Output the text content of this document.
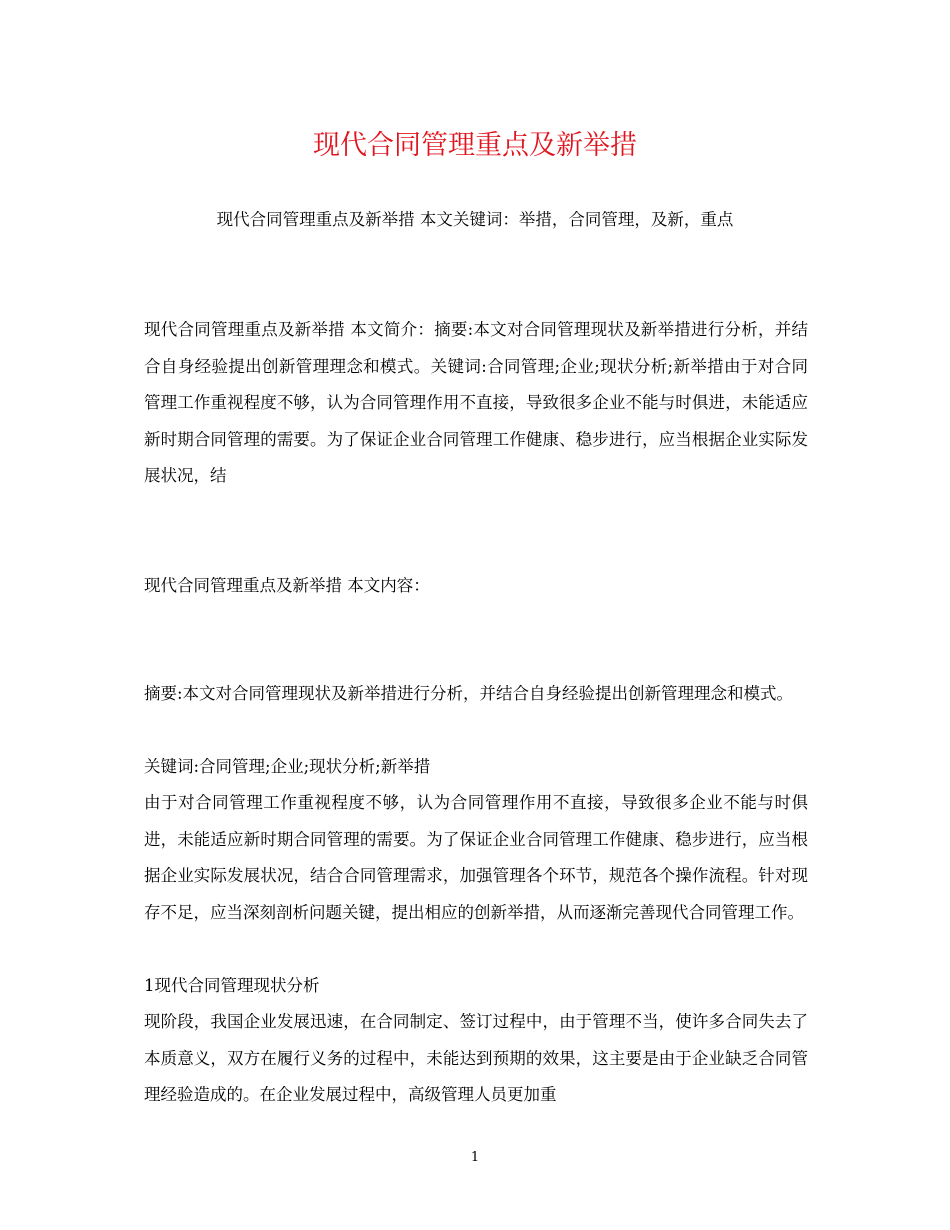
现代合同管理重点及新举措
现代合同管理重点及新举措 本文关键词：举措，合同管理，及新，重点

现代合同管理重点及新举措 本文简介：摘要:本文对合同管理现状及新举措进行分析，并结合自身经验提出创新管理理念和模式。关键词:合同管理;企业;现状分析;新举措由于对合同管理工作重视程度不够，认为合同管理作用不直接，导致很多企业不能与时俱进，未能适应新时期合同管理的需要。为了保证企业合同管理工作健康、稳步进行，应当根据企业实际发展状况，结

现代合同管理重点及新举措 本文内容：

摘要:本文对合同管理现状及新举措进行分析，并结合自身经验提出创新管理理念和模式。

关键词:合同管理;企业;现状分析;新举措

由于对合同管理工作重视程度不够，认为合同管理作用不直接，导致很多企业不能与时俱进，未能适应新时期合同管理的需要。为了保证企业合同管理工作健康、稳步进行，应当根据企业实际发展状况，结合合同管理需求，加强管理各个环节，规范各个操作流程。针对现存不足，应当深刻剖析问题关键，提出相应的创新举措，从而逐渐完善现代合同管理工作。

1现代合同管理现状分析

现阶段，我国企业发展迅速，在合同制定、签订过程中，由于管理不当，使许多合同失去了本质意义，双方在履行义务的过程中，未能达到预期的效果，这主要是由于企业缺乏合同管理经验造成的。在企业发展过程中，高级管理人员更加重

1
